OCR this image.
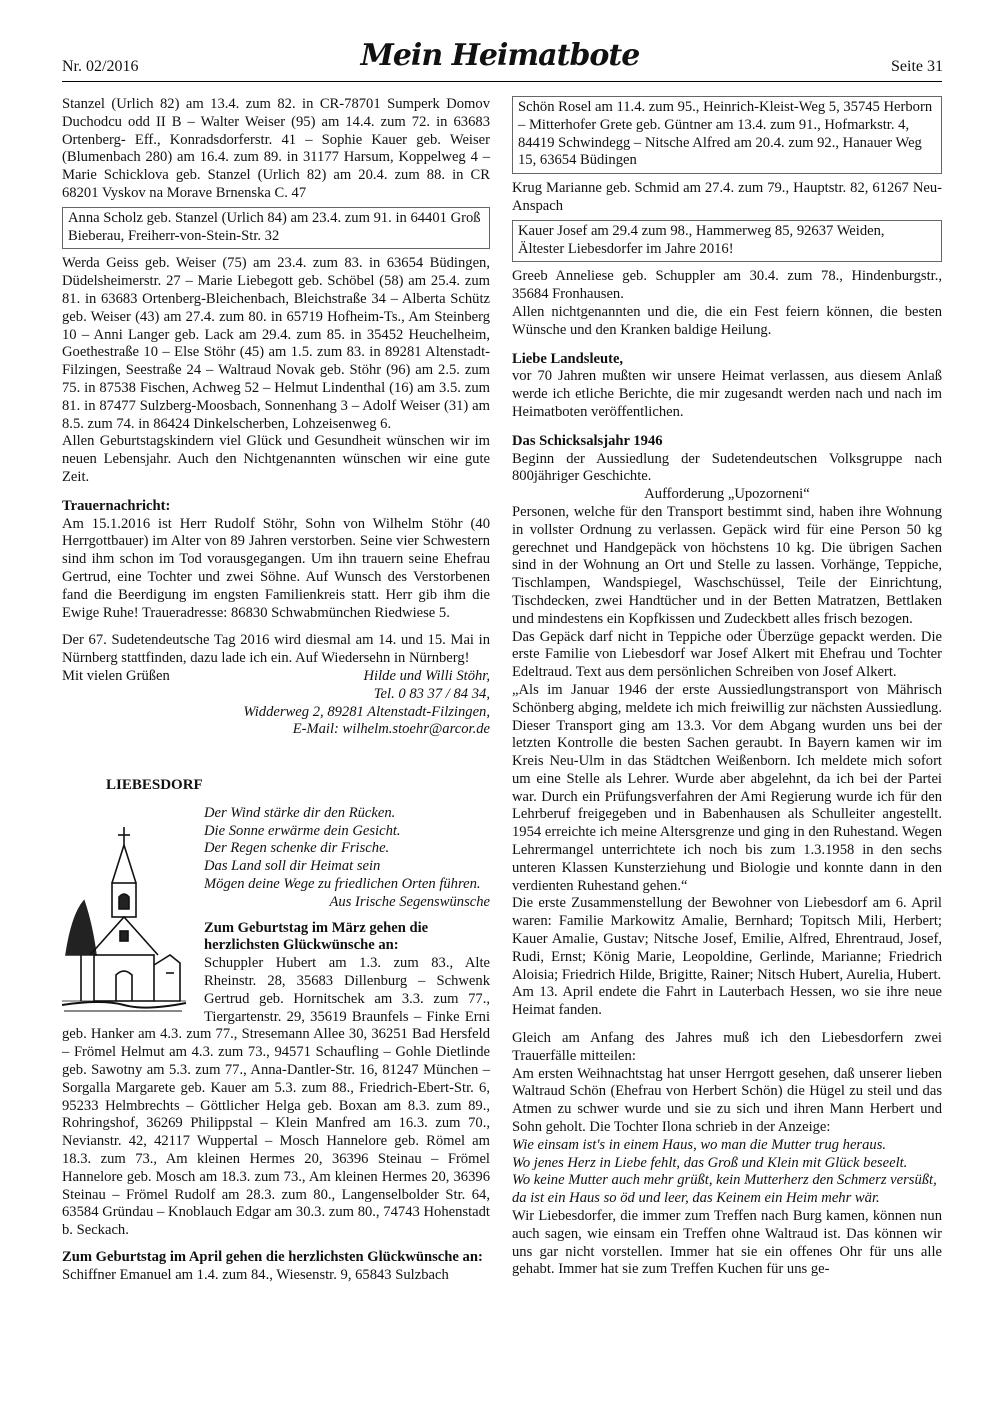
Nr. 02/2016	Mein Heimatbote	Seite 31

Stanzel (Urlich 82) am 13.4. zum 82. in CR-78701 Sumperk Domov Duchodcu odd II B – Walter Weiser (95) am 14.4. zum 72. in 63683 Ortenberg- Eff., Konradsdorferstr. 41 – Sophie Kauer geb. Weiser (Blumenbach 280) am 16.4. zum 89. in 31177 Harsum, Koppelweg 4 – Marie Schicklova geb. Stanzel (Urlich 82) am 20.4. zum 88. in CR 68201 Vyskov na Morave Brnenska C. 47

Anna Scholz geb. Stanzel (Urlich 84) am 23.4. zum 91. in 64401 Groß Bieberau, Freiherr-von-Stein-Str. 32

Werda Geiss geb. Weiser (75) am 23.4. zum 83. in 63654 Büdingen, Düdelsheimerstr. 27 – Marie Liebegott geb. Schöbel (58) am 25.4. zum 81. in 63683 Ortenberg-Bleichenbach, Bleichstraße 34 – Alberta Schütz geb. Weiser (43) am 27.4. zum 80. in 65719 Hofheim-Ts., Am Steinberg 10 – Anni Langer geb. Lack am 29.4. zum 85. in 35452 Heuchelheim, Goethestraße 10 – Else Stöhr (45) am 1.5. zum 83. in 89281 Altenstadt-Filzingen, Seestraße 24 – Waltraud Novak geb. Stöhr (96) am 2.5. zum 75. in 87538 Fischen, Achweg 52 – Helmut Lindenthal (16) am 3.5. zum 81. in 87477 Sulzberg-Moosbach, Sonnenhang 3 – Adolf Weiser (31) am 8.5. zum 74. in 86424 Dinkelscherben, Lohzeisenweg 6.

Allen Geburtstagskindern viel Glück und Gesundheit wünschen wir im neuen Lebensjahr. Auch den Nichtgenannten wünschen wir eine gute Zeit.

Trauernachricht:

Am 15.1.2016 ist Herr Rudolf Stöhr, Sohn von Wilhelm Stöhr (40 Herrgottbauer) im Alter von 89 Jahren verstorben. Seine vier Schwestern sind ihm schon im Tod vorausgegangen. Um ihn trauern seine Ehefrau Gertrud, eine Tochter und zwei Söhne. Auf Wunsch des Verstorbenen fand die Beerdigung im engsten Familienkreis statt. Herr gib ihm die Ewige Ruhe! Traueradresse: 86830 Schwabmünchen Riedwiese 5.

Der 67. Sudetendeutsche Tag 2016 wird diesmal am 14. und 15. Mai in Nürnberg stattfinden, dazu lade ich ein. Auf Wiedersehn in Nürnberg!

Mit vielen Grüßen	Hilde und Willi Stöhr,

Tel. 0 83 37 / 84 34,

Widderweg 2, 89281 Altenstadt-Filzingen,

E-Mail: wilhelm.stoehr@arcor.de

LIEBESDORF

Der Wind stärke dir den Rücken.

Die Sonne erwärme dein Gesicht.

Der Regen schenke dir Frische.

Das Land soll dir Heimat sein

Mögen deine Wege zu friedlichen Orten führen.

Aus Irische Segenswünsche

Zum Geburtstag im März gehen die herzlichsten Glückwünsche an:

Schuppler Hubert am 1.3. zum 83., Alte Rheinstr. 28, 35683 Dillenburg – Schwenk Gertrud geb. Hornitschek am 3.3. zum 77., Tiergartenstr. 29, 35619 Braunfels – Finke Erni geb. Hanker am 4.3. zum 77., Stresemann Allee 30, 36251 Bad Hersfeld – Frömel Helmut am 4.3. zum 73., 94571 Schaufling – Gohle Dietlinde geb. Sawotny am 5.3. zum 77., Anna-Dantler-Str. 16, 81247 München – Sorgalla Margarete geb. Kauer am 5.3. zum 88., Friedrich-Ebert-Str. 6, 95233 Helmbrechts – Göttlicher Helga geb. Boxan am 8.3. zum 89., Rohringshof, 36269 Philippstal – Klein Manfred am 16.3. zum 70., Nevianstr. 42, 42117 Wuppertal – Mosch Hannelore geb. Römel am 18.3. zum 73., Am kleinen Hermes 20, 36396 Steinau – Frömel Hannelore geb. Mosch am 18.3. zum 73., Am kleinen Hermes 20, 36396 Steinau – Frömel Rudolf am 28.3. zum 80., Langenselbolder Str. 64, 63584 Gründau – Knoblauch Edgar am 30.3. zum 80., 74743 Hohenstadt b. Seckach.

Zum Geburtstag im April gehen die herzlichsten Glückwünsche an:

Schiffner Emanuel am 1.4. zum 84., Wiesenstr. 9, 65843 Sulzbach

Schön Rosel am 11.4. zum 95., Heinrich-Kleist-Weg 5, 35745 Herborn – Mitterhofer Grete geb. Güntner am 13.4. zum 91., Hofmarkstr. 4, 84419 Schwindegg – Nitsche Alfred am 20.4. zum 92., Hanauer Weg 15, 63654 Büdingen

Krug Marianne geb. Schmid am 27.4. zum 79., Hauptstr. 82, 61267 Neu-Anspach

Kauer Josef am 29.4 zum 98., Hammerweg 85, 92637 Weiden,

Ältester Liebesdorfer im Jahre 2016!

Greeb Anneliese geb. Schuppler am 30.4. zum 78., Hindenburgstr., 35684 Fronhausen.

Allen nichtgenannten und die, die ein Fest feiern können, die besten Wünsche und den Kranken baldige Heilung.

Liebe Landsleute,

vor 70 Jahren mußten wir unsere Heimat verlassen, aus diesem Anlaß werde ich etliche Berichte, die mir zugesandt werden nach und nach im Heimatboten veröffentlichen.

Das Schicksalsjahr 1946

Beginn der Aussiedlung der Sudetendeutschen Volksgruppe nach 800jähriger Geschichte.

Aufforderung „Upozorneni“

Personen, welche für den Transport bestimmt sind, haben ihre Wohnung in vollster Ordnung zu verlassen. Gepäck wird für eine Person 50 kg gerechnet und Handgepäck von höchstens 10 kg. Die übrigen Sachen sind in der Wohnung an Ort und Stelle zu lassen. Vorhänge, Teppiche, Tischlampen, Wandspiegel, Waschschüssel, Teile der Einrichtung, Tischdecken, zwei Handtücher und in der Betten Matratzen, Bettlaken und mindestens ein Kopfkissen und Zudeckbett alles frisch bezogen.

Das Gepäck darf nicht in Teppiche oder Überzüge gepackt werden. Die erste Familie von Liebesdorf war Josef Alkert mit Ehefrau und Tochter Edeltraud. Text aus dem persönlichen Schreiben von Josef Alkert.

„Als im Januar 1946 der erste Aussiedlungstransport von Mährisch Schönberg abging, meldete ich mich freiwillig zur nächsten Aussiedlung. Dieser Transport ging am 13.3. Vor dem Abgang wurden uns bei der letzten Kontrolle die besten Sachen geraubt. In Bayern kamen wir im Kreis Neu-Ulm in das Städtchen Weißenborn. Ich meldete mich sofort um eine Stelle als Lehrer. Wurde aber abgelehnt, da ich bei der Partei war. Durch ein Prüfungsverfahren der Ami Regierung wurde ich für den Lehrberuf freigegeben und in Babenhausen als Schulleiter angestellt. 1954 erreichte ich meine Altersgrenze und ging in den Ruhestand. Wegen Lehrermangel unterrichtete ich noch bis zum 1.3.1958 in den sechs unteren Klassen Kunsterziehung und Biologie und konnte dann in den verdienten Ruhestand gehen.“

Die erste Zusammenstellung der Bewohner von Liebesdorf am 6. April waren: Familie Markowitz Amalie, Bernhard; Topitsch Mili, Herbert; Kauer Amalie, Gustav; Nitsche Josef, Emilie, Alfred, Ehrentraud, Josef, Rudi, Ernst; König Marie, Leopoldine, Gerlinde, Marianne; Friedrich Aloisia; Friedrich Hilde, Brigitte, Rainer; Nitsch Hubert, Aurelia, Hubert.

Am 13. April endete die Fahrt in Lauterbach Hessen, wo sie ihre neue Heimat fanden.

Gleich am Anfang des Jahres muß ich den Liebesdorfern zwei Trauerfälle mitteilen:

Am ersten Weihnachtstag hat unser Herrgott gesehen, daß unserer lieben Waltraud Schön (Ehefrau von Herbert Schön) die Hügel zu steil und das Atmen zu schwer wurde und sie zu sich und ihren Mann Herbert und Sohn geholt. Die Tochter Ilona schrieb in der Anzeige:

Wie einsam ist's in einem Haus, wo man die Mutter trug heraus.

Wo jenes Herz in Liebe fehlt, das Groß und Klein mit Glück beseelt.

Wo keine Mutter auch mehr grüßt, kein Mutterherz den Schmerz versüßt,

da ist ein Haus so öd und leer, das Keinem ein Heim mehr wär.

Wir Liebesdorfer, die immer zum Treffen nach Burg kamen, können nun auch sagen, wie einsam ein Treffen ohne Waltraud ist. Das können wir uns gar nicht vorstellen. Immer hat sie ein offenes Ohr für uns alle gehabt. Immer hat sie zum Treffen Kuchen für uns ge-
